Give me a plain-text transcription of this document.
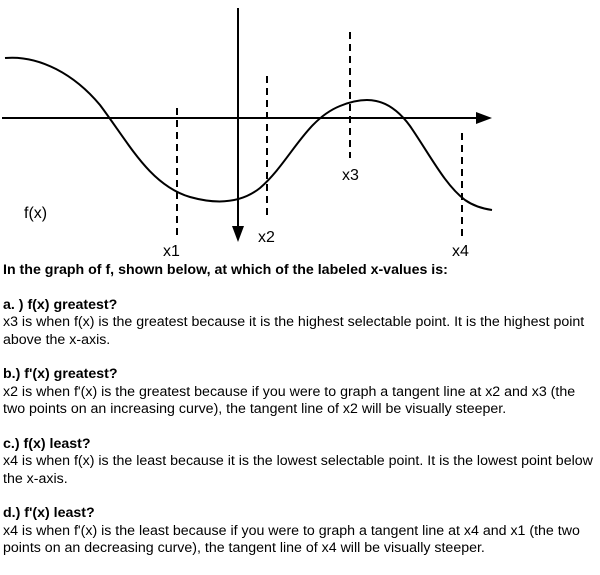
f(x)
x1
x2
x3
x4

In the graph of f, shown below, at which of the labeled x-values is:

a. ) f(x) greatest?

x3 is when f(x) is the greatest because it is the highest selectable point. It is the highest point above the x-axis.

b.) f'(x) greatest?

x2 is when f'(x) is the greatest because if you were to graph a tangent line at x2 and x3 (the two points on an increasing curve), the tangent line of x2 will be visually steeper.

c.) f(x) least?

x4 is when f(x) is the least because it is the lowest selectable point. It is the lowest point below the x-axis.

d.) f'(x) least?

x4 is when f'(x) is the least because if you were to graph a tangent line at x4 and x1 (the two points on an decreasing curve), the tangent line of x4 will be visually steeper.
